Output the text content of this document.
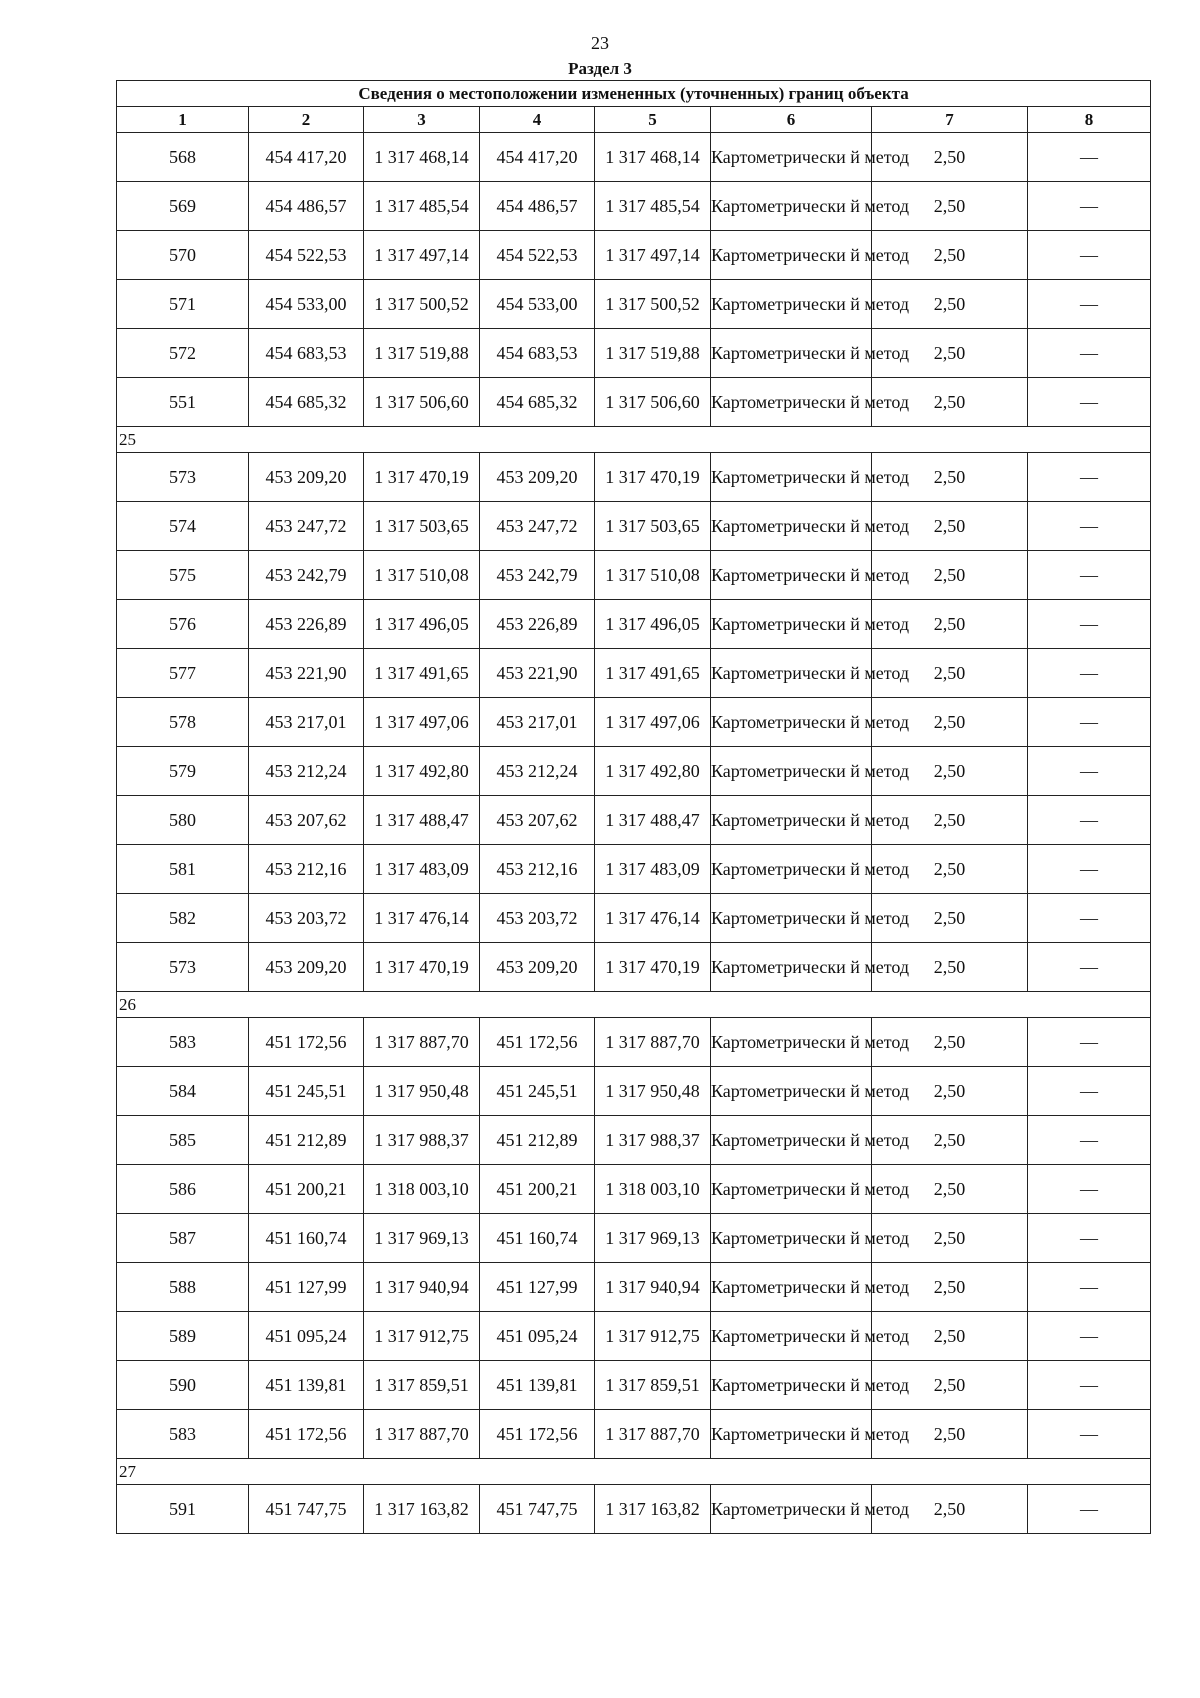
23
Раздел 3
Сведения о местоположении измененных (уточненных) границ объекта							
1	2	3	4	5	6	7	8
568	454 417,20	1 317 468,14	454 417,20	1 317 468,14	Картометрически й метод	2,50	—
569	454 486,57	1 317 485,54	454 486,57	1 317 485,54	Картометрически й метод	2,50	—
570	454 522,53	1 317 497,14	454 522,53	1 317 497,14	Картометрически й метод	2,50	—
571	454 533,00	1 317 500,52	454 533,00	1 317 500,52	Картометрически й метод	2,50	—
572	454 683,53	1 317 519,88	454 683,53	1 317 519,88	Картометрически й метод	2,50	—
551	454 685,32	1 317 506,60	454 685,32	1 317 506,60	Картометрически й метод	2,50	—
25							
573	453 209,20	1 317 470,19	453 209,20	1 317 470,19	Картометрически й метод	2,50	—
574	453 247,72	1 317 503,65	453 247,72	1 317 503,65	Картометрически й метод	2,50	—
575	453 242,79	1 317 510,08	453 242,79	1 317 510,08	Картометрически й метод	2,50	—
576	453 226,89	1 317 496,05	453 226,89	1 317 496,05	Картометрически й метод	2,50	—
577	453 221,90	1 317 491,65	453 221,90	1 317 491,65	Картометрически й метод	2,50	—
578	453 217,01	1 317 497,06	453 217,01	1 317 497,06	Картометрически й метод	2,50	—
579	453 212,24	1 317 492,80	453 212,24	1 317 492,80	Картометрически й метод	2,50	—
580	453 207,62	1 317 488,47	453 207,62	1 317 488,47	Картометрически й метод	2,50	—
581	453 212,16	1 317 483,09	453 212,16	1 317 483,09	Картометрически й метод	2,50	—
582	453 203,72	1 317 476,14	453 203,72	1 317 476,14	Картометрически й метод	2,50	—
573	453 209,20	1 317 470,19	453 209,20	1 317 470,19	Картометрически й метод	2,50	—
26							
583	451 172,56	1 317 887,70	451 172,56	1 317 887,70	Картометрически й метод	2,50	—
584	451 245,51	1 317 950,48	451 245,51	1 317 950,48	Картометрически й метод	2,50	—
585	451 212,89	1 317 988,37	451 212,89	1 317 988,37	Картометрически й метод	2,50	—
586	451 200,21	1 318 003,10	451 200,21	1 318 003,10	Картометрически й метод	2,50	—
587	451 160,74	1 317 969,13	451 160,74	1 317 969,13	Картометрически й метод	2,50	—
588	451 127,99	1 317 940,94	451 127,99	1 317 940,94	Картометрически й метод	2,50	—
589	451 095,24	1 317 912,75	451 095,24	1 317 912,75	Картометрически й метод	2,50	—
590	451 139,81	1 317 859,51	451 139,81	1 317 859,51	Картометрически й метод	2,50	—
583	451 172,56	1 317 887,70	451 172,56	1 317 887,70	Картометрически й метод	2,50	—
27							
591	451 747,75	1 317 163,82	451 747,75	1 317 163,82	Картометрически й метод	2,50	—
